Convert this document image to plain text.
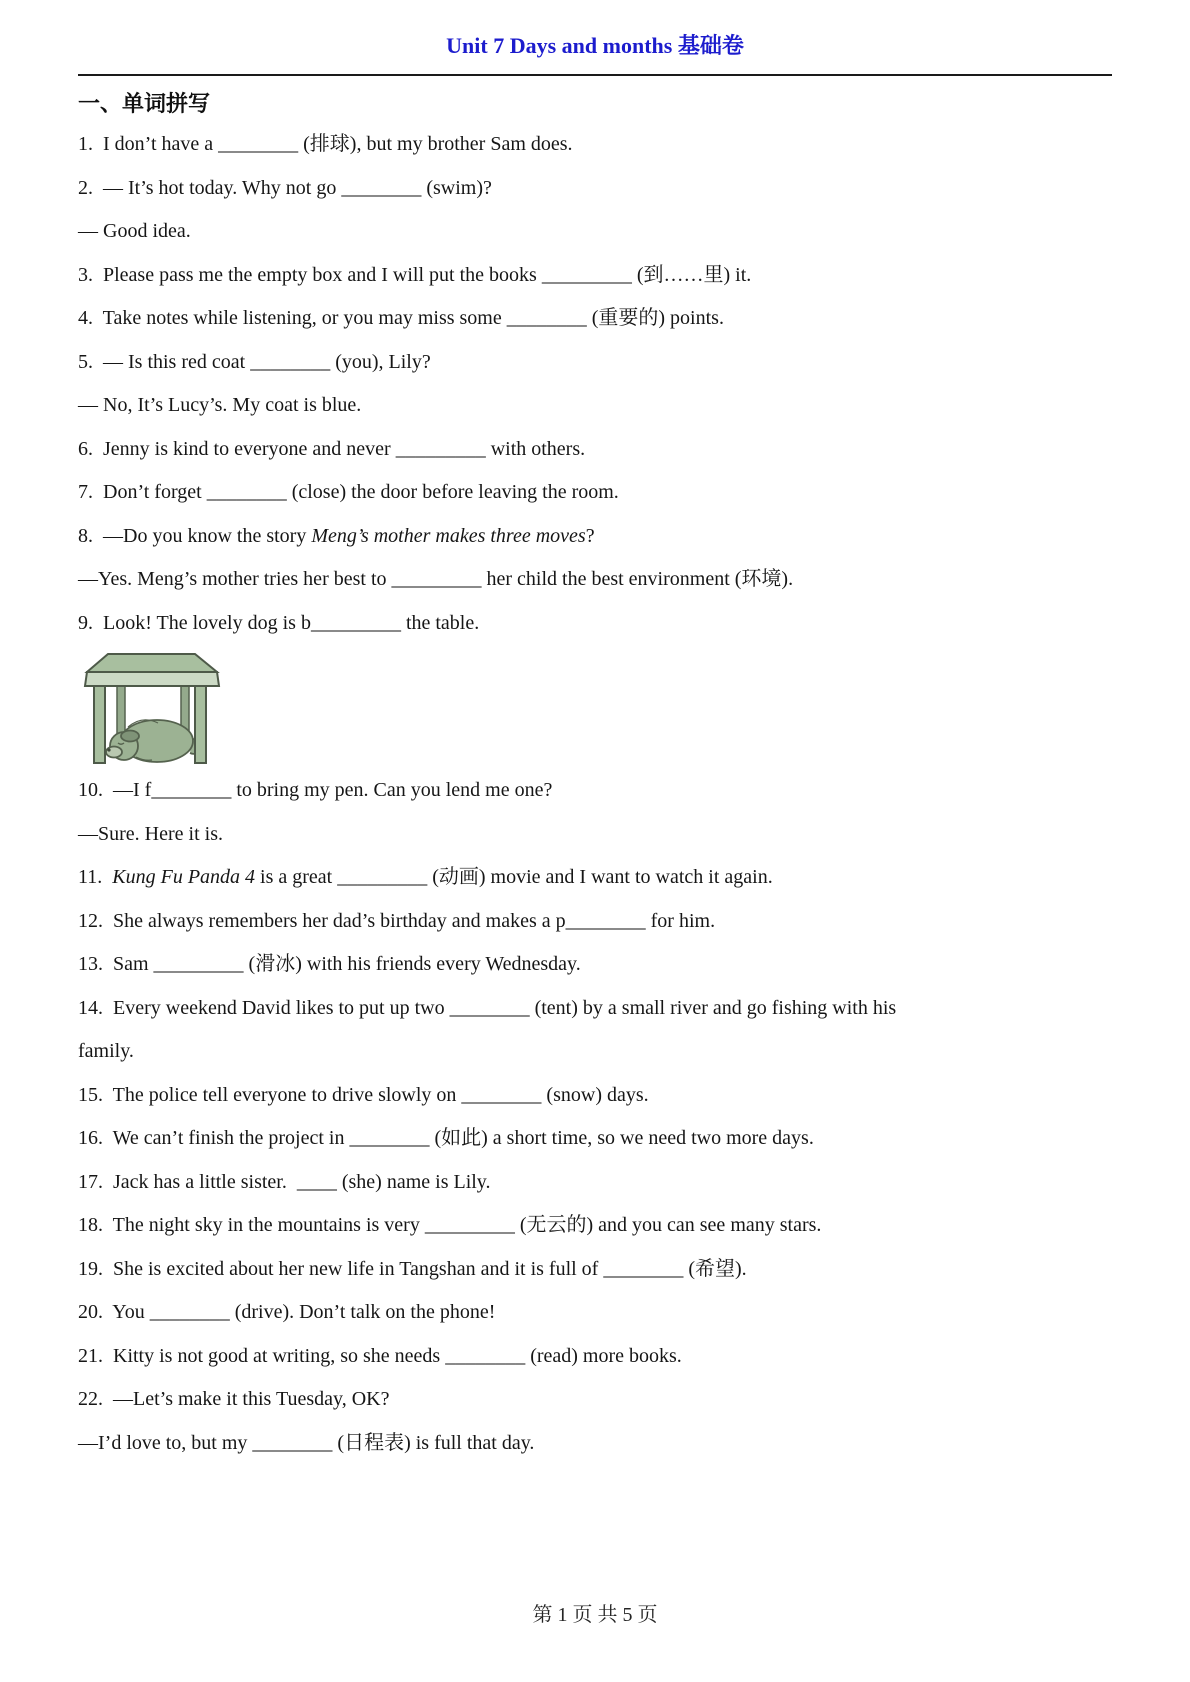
Unit 7 Days and months 基础卷
一、单词拼写

1.  I don’t have a ________ (排球), but my brother Sam does.

2.  — It’s hot today. Why not go ________ (swim)?

— Good idea.

3.  Please pass me the empty box and I will put the books _________ (到……里) it.

4.  Take notes while listening, or you may miss some ________ (重要的) points.

5.  — Is this red coat ________ (you), Lily?

— No, It’s Lucy’s. My coat is blue.

6.  Jenny is kind to everyone and never _________ with others.

7.  Don’t forget ________ (close) the door before leaving the room.

8.  —Do you know the story Meng’s mother makes three moves?

—Yes. Meng’s mother tries her best to _________ her child the best environment (环境).

9.  Look! The lovely dog is b_________ the table.

10.  —I f________ to bring my pen. Can you lend me one?

—Sure. Here it is.

11.  Kung Fu Panda 4 is a great _________ (动画) movie and I want to watch it again.

12.  She always remembers her dad’s birthday and makes a p________ for him.

13.  Sam _________ (滑冰) with his friends every Wednesday.

14.  Every weekend David likes to put up two ________ (tent) by a small river and go fishing with his

family.

15.  The police tell everyone to drive slowly on ________ (snow) days.

16.  We can’t finish the project in ________ (如此) a short time, so we need two more days.

17.  Jack has a little sister.  ____ (she) name is Lily.

18.  The night sky in the mountains is very _________ (无云的) and you can see many stars.

19.  She is excited about her new life in Tangshan and it is full of ________ (希望).

20.  You ________ (drive). Don’t talk on the phone!

21.  Kitty is not good at writing, so she needs ________ (read) more books.

22.  —Let’s make it this Tuesday, OK?

—I’d love to, but my ________ (日程表) is full that day.

第 1 页 共 5 页
